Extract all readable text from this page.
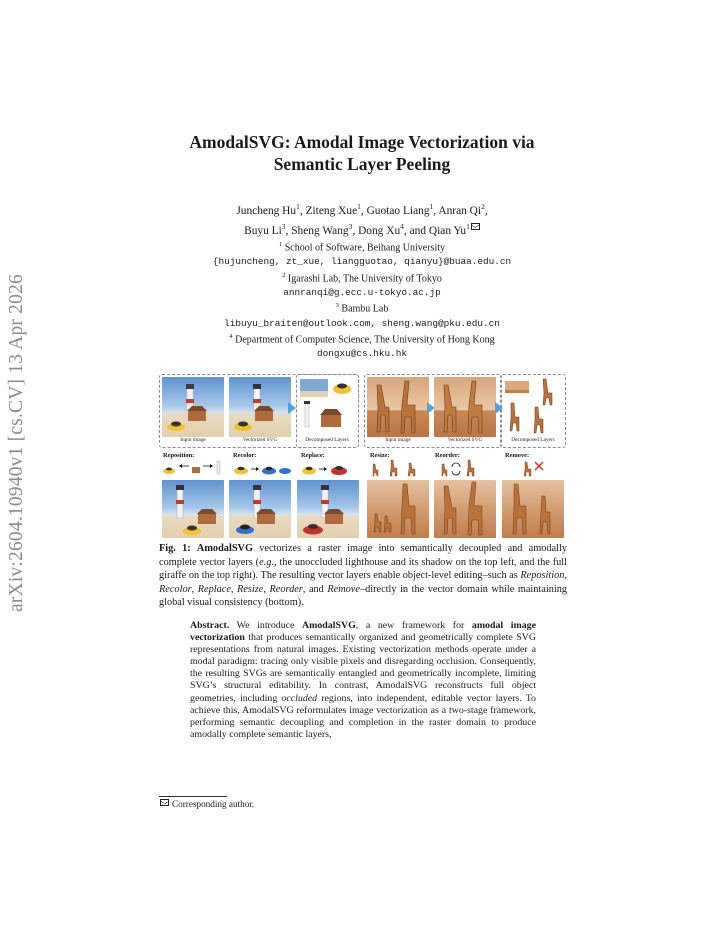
arXiv:2604.10940v1 [cs.CV] 13 Apr 2026
AmodalSVG: Amodal Image Vectorization via
Semantic Layer Peeling
Juncheng Hu$^1$, Ziteng Xue$^1$, Guotao Liang$^1$, Anran Qi$^2$,
Buyu Li$^3$, Sheng Wang$^3$, Dong Xu$^4$, and Qian Yu$^1$
$^1$ School of Software, Beihang University
{hujuncheng, zt_xue, liangguotao, qianyu}@buaa.edu.cn
$^2$ Igarashi Lab, The University of Tokyo
annranqi@g.ecc.u-tokyo.ac.jp
$^3$ Bambu Lab
libuyu_braiten@outlook.com, sheng.wang@pku.edu.cn
$^4$ Department of Computer Science, The University of Hong Kong
dongxu@cs.hku.hk
Input image	Vectorized SVG	Decomposed Layers	Input image	Vectorized SVG	Decomposed Layers
Reposition:	Recolor:	Replace:	Resize:	Reorder:	Remove:
Fig. 1: AmodalSVG vectorizes a raster image into semantically decoupled and amodally complete vector layers (e.g., the unoccluded lighthouse and its shadow on the top left, and the full giraffe on the top right). The resulting vector layers enable object-level editing–such as Reposition, Recolor, Replace, Resize, Reorder, and Remove–directly in the vector domain while maintaining global visual consistency (bottom).
Abstract. We introduce AmodalSVG, a new framework for amodal image vectorization that produces semantically organized and geometrically complete SVG representations from natural images. Existing vectorization methods operate under a modal paradigm: tracing only visible pixels and disregarding occlusion. Consequently, the resulting SVGs are semantically entangled and geometrically incomplete, limiting SVG’s structural editability. In contrast, AmodalSVG reconstructs full object geometries, including occluded regions, into independent, editable vector layers. To achieve this, AmodalSVG reformulates image vectorization as a two-stage framework, performing semantic decoupling and completion in the raster domain to produce amodally complete semantic layers,
Corresponding author.
